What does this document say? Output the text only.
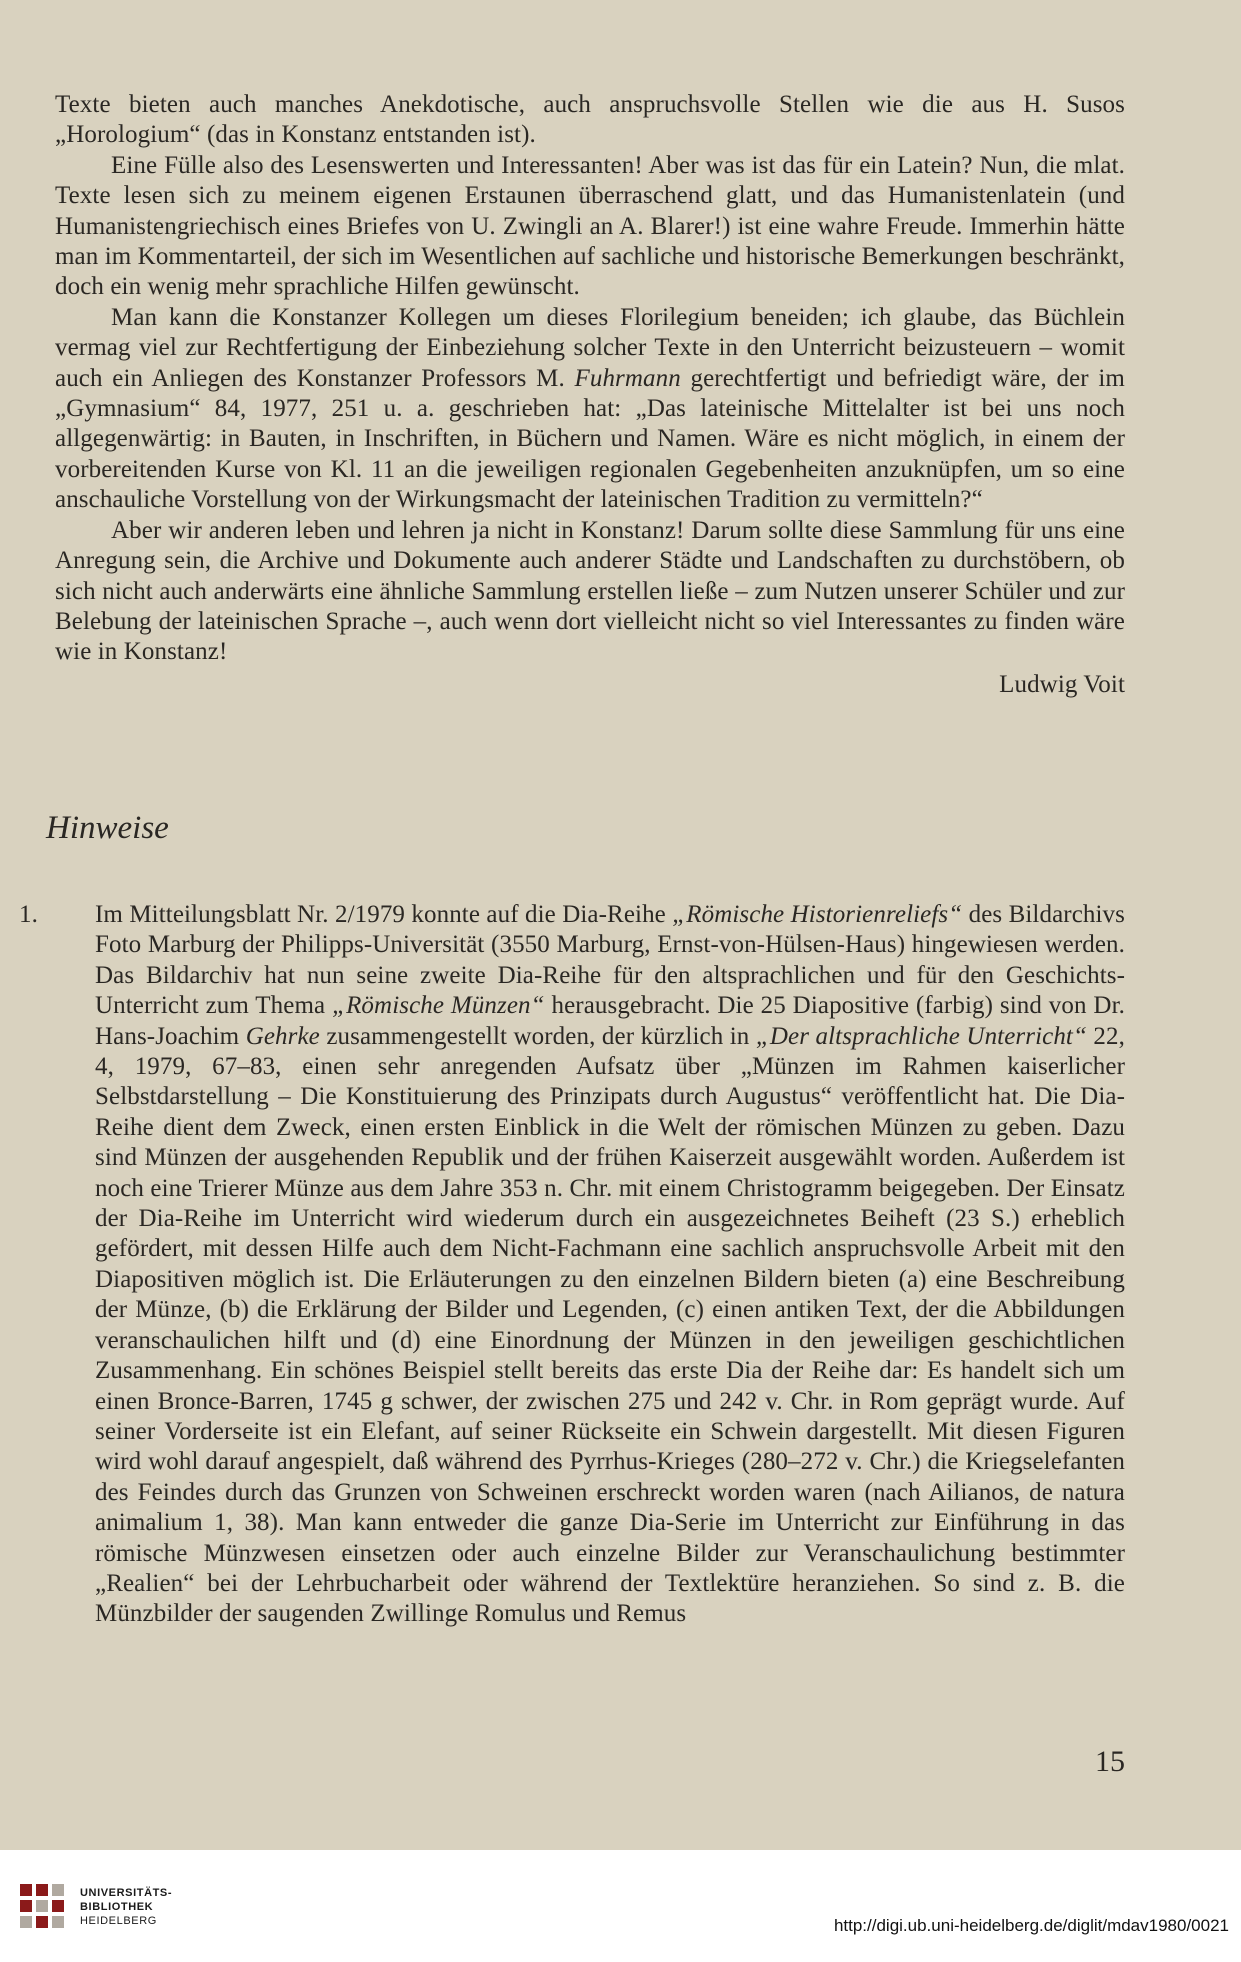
Texte bieten auch manches Anekdotische, auch anspruchsvolle Stellen wie die aus H. Susos „Horologium“ (das in Konstanz entstanden ist).

Eine Fülle also des Lesenswerten und Interessanten! Aber was ist das für ein Latein? Nun, die mlat. Texte lesen sich zu meinem eigenen Erstaunen überraschend glatt, und das Humanistenlatein (und Humanistengriechisch eines Briefes von U. Zwingli an A. Blarer!) ist eine wahre Freude. Immerhin hätte man im Kommentarteil, der sich im Wesentlichen auf sachliche und historische Bemerkungen beschränkt, doch ein wenig mehr sprachliche Hilfen gewünscht.

Man kann die Konstanzer Kollegen um dieses Florilegium beneiden; ich glaube, das Büchlein vermag viel zur Rechtfertigung der Einbeziehung solcher Texte in den Unterricht beizusteuern – womit auch ein Anliegen des Konstanzer Professors M. Fuhrmann gerechtfertigt und befriedigt wäre, der im „Gymnasium“ 84, 1977, 251 u. a. geschrieben hat: „Das lateinische Mittelalter ist bei uns noch allgegenwärtig: in Bauten, in Inschriften, in Büchern und Namen. Wäre es nicht möglich, in einem der vorbereitenden Kurse von Kl. 11 an die jeweiligen regionalen Gegebenheiten anzuknüpfen, um so eine anschauliche Vorstellung von der Wirkungsmacht der lateinischen Tradition zu vermitteln?“

Aber wir anderen leben und lehren ja nicht in Konstanz! Darum sollte diese Sammlung für uns eine Anregung sein, die Archive und Dokumente auch anderer Städte und Landschaften zu durchstöbern, ob sich nicht auch anderwärts eine ähnliche Sammlung erstellen ließe – zum Nutzen unserer Schüler und zur Belebung der lateinischen Sprache –, auch wenn dort vielleicht nicht so viel Interessantes zu finden wäre wie in Konstanz!

Ludwig Voit

Hinweise
1.	Im Mitteilungsblatt Nr. 2/1979 konnte auf die Dia-Reihe „Römische Historienreliefs“ des Bildarchivs Foto Marburg der Philipps-Universität (3550 Marburg, Ernst-von-Hülsen-Haus) hingewiesen werden. Das Bildarchiv hat nun seine zweite Dia-Reihe für den altsprachlichen und für den Geschichts-Unterricht zum Thema „Römische Münzen“ herausgebracht. Die 25 Diapositive (farbig) sind von Dr. Hans-Joachim Gehrke zusammengestellt worden, der kürzlich in „Der altsprachliche Unterricht“ 22, 4, 1979, 67–83, einen sehr anregenden Aufsatz über „Münzen im Rahmen kaiserlicher Selbstdarstellung – Die Konstituierung des Prinzipats durch Augustus“ veröffentlicht hat. Die Dia-Reihe dient dem Zweck, einen ersten Einblick in die Welt der römischen Münzen zu geben. Dazu sind Münzen der ausgehenden Republik und der frühen Kaiserzeit ausgewählt worden. Außerdem ist noch eine Trierer Münze aus dem Jahre 353 n. Chr. mit einem Christogramm beigegeben. Der Einsatz der Dia-Reihe im Unterricht wird wiederum durch ein ausgezeichnetes Beiheft (23 S.) erheblich gefördert, mit dessen Hilfe auch dem Nicht-Fachmann eine sachlich anspruchsvolle Arbeit mit den Diapositiven möglich ist. Die Erläuterungen zu den einzelnen Bildern bieten (a) eine Beschreibung der Münze, (b) die Erklärung der Bilder und Legenden, (c) einen antiken Text, der die Abbildungen veranschaulichen hilft und (d) eine Einordnung der Münzen in den jeweiligen geschichtlichen Zusammenhang. Ein schönes Beispiel stellt bereits das erste Dia der Reihe dar: Es handelt sich um einen Bronce-Barren, 1745 g schwer, der zwischen 275 und 242 v. Chr. in Rom geprägt wurde. Auf seiner Vorderseite ist ein Elefant, auf seiner Rückseite ein Schwein dargestellt. Mit diesen Figuren wird wohl darauf angespielt, daß während des Pyrrhus-Krieges (280–272 v. Chr.) die Kriegselefanten des Feindes durch das Grunzen von Schweinen erschreckt worden waren (nach Ailianos, de natura animalium 1, 38). Man kann entweder die ganze Dia-Serie im Unterricht zur Einführung in das römische Münzwesen einsetzen oder auch einzelne Bilder zur Veranschaulichung bestimmter „Realien“ bei der Lehrbucharbeit oder während der Textlektüre heranziehen. So sind z. B. die Münzbilder der saugenden Zwillinge Romulus und Remus
15
UNIVERSITÄTS-
BIBLIOTHEK
HEIDELBERG	http://digi.ub.uni-heidelberg.de/diglit/mdav1980/0021
